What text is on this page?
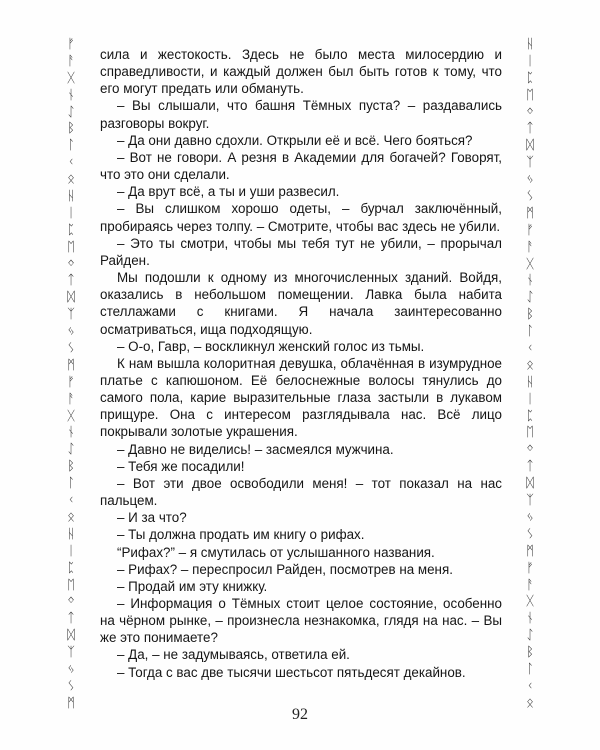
ᚠ
ᚨ
ᚷ
ᚾ
ᛇ
ᛒ
ᛚ
ᚲ
ᛟ
ᚺ
ᛁ
ᛈ
ᛖ
ᛜ
ᛏ
ᛞ
ᛉ
ᛃ
ᛊ
ᛗ
ᚠ
ᚨ
ᚷ
ᚾ
ᛇ
ᛒ
ᛚ
ᚲ
ᛟ
ᚺ
ᛁ
ᛈ
ᛖ
ᛜ
ᛏ
ᛞ
ᛉ
ᛃ
ᛊ
ᛗ
ᚺ
ᛁ
ᛈ
ᛖ
ᛜ
ᛏ
ᛞ
ᛉ
ᛃ
ᛊ
ᛗ
ᚠ
ᚨ
ᚷ
ᚾ
ᛇ
ᛒ
ᛚ
ᚲ
ᛟ
ᚺ
ᛁ
ᛈ
ᛖ
ᛜ
ᛏ
ᛞ
ᛉ
ᛃ
ᛊ
ᛗ
ᚠ
ᚨ
ᚷ
ᚾ
ᛇ
ᛒ
ᛚ
ᚲ
ᛟ

сила и жестокость. Здесь не было места милосердию и справедливости, и каждый должен был быть готов к тому, что его могут предать или обмануть.

– Вы слышали, что башня Тёмных пуста? – раздавались разговоры вокруг.

– Да они давно сдохли. Открыли её и всё. Чего бояться?

– Вот не говори. А резня в Академии для богачей? Говорят, что это они сделали.

– Да врут всё, а ты и уши развесил.

– Вы слишком хорошо одеты, – бурчал заключённый, пробираясь через толпу. – Смотрите, чтобы вас здесь не убили.

– Это ты смотри, чтобы мы тебя тут не убили, – прорычал Райден.

Мы подошли к одному из многочисленных зданий. Войдя, оказались в небольшом помещении. Лавка была набита стеллажами с книгами. Я начала заинтересованно осматриваться, ища подходящую.

– О-о, Гавр, – воскликнул женский голос из тьмы.

К нам вышла колоритная девушка, облачённая в изумрудное платье с капюшоном. Её белоснежные волосы тянулись до самого пола, карие выразительные глаза застыли в лукавом прищуре. Она с интересом разглядывала нас. Всё лицо покрывали золотые украшения.

– Давно не виделись! – засмеялся мужчина.

– Тебя же посадили!

– Вот эти двое освободили меня! – тот показал на нас пальцем.

– И за что?

– Ты должна продать им книгу о рифах.

“Рифах?” – я смутилась от услышанного названия.

– Рифах? – переспросил Райден, посмотрев на меня.

– Продай им эту книжку.

– Информация о Тёмных стоит целое состояние, особенно на чёрном рынке, – произнесла незнакомка, глядя на нас. – Вы же это понимаете?

– Да, – не задумываясь, ответила ей.

– Тогда с вас две тысячи шестьсот пятьдесят декайнов.

92
